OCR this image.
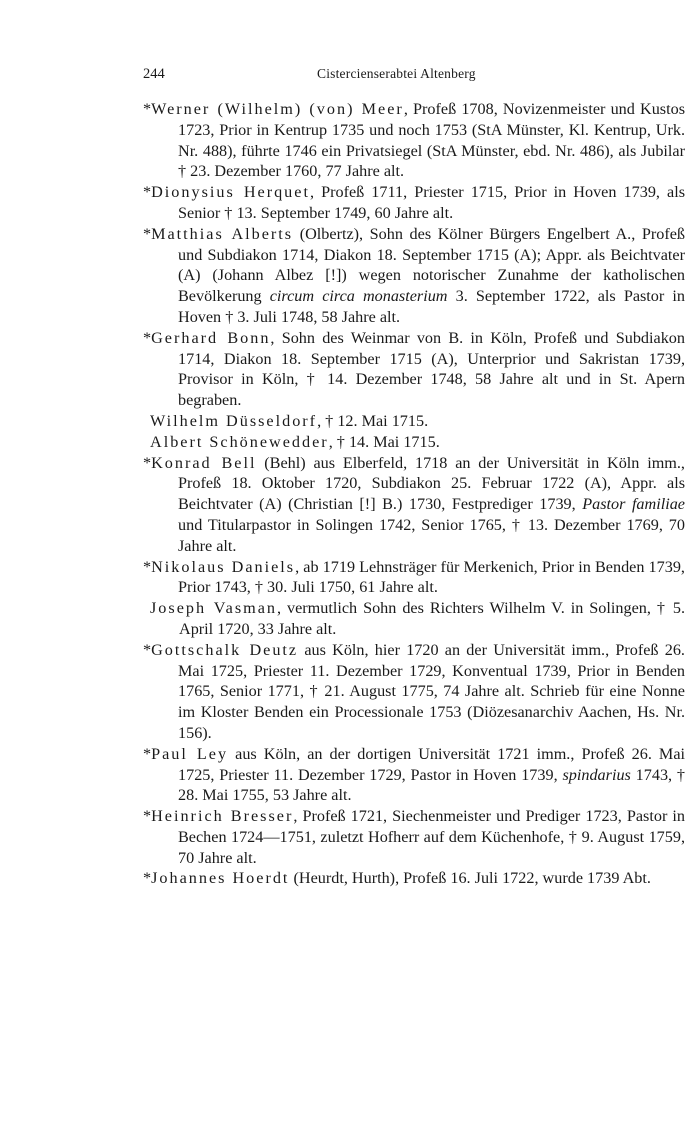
244	Cistercienserabtei Altenberg

*Werner (Wilhelm) (von) Meer, Profeß 1708, Novizenmeister und Kustos 1723, Prior in Kentrup 1735 und noch 1753 (StA Münster, Kl. Kentrup, Urk. Nr. 488), führte 1746 ein Privatsiegel (StA Münster, ebd. Nr. 486), als Jubilar † 23. Dezember 1760, 77 Jahre alt.

*Dionysius Herquet, Profeß 1711, Priester 1715, Prior in Hoven 1739, als Senior † 13. September 1749, 60 Jahre alt.

*Matthias Alberts (Olbertz), Sohn des Kölner Bürgers Engelbert A., Profeß und Subdiakon 1714, Diakon 18. September 1715 (A); Appr. als Beichtvater (A) (Johann Albez [!]) wegen notorischer Zunahme der katholischen Bevölkerung circum circa monasterium 3. September 1722, als Pastor in Hoven † 3. Juli 1748, 58 Jahre alt.

*Gerhard Bonn, Sohn des Weinmar von B. in Köln, Profeß und Subdiakon 1714, Diakon 18. September 1715 (A), Unterprior und Sakristan 1739, Provisor in Köln, † 14. Dezember 1748, 58 Jahre alt und in St. Apern begraben.

Wilhelm Düsseldorf, † 12. Mai 1715.

Albert Schönewedder, † 14. Mai 1715.

*Konrad Bell (Behl) aus Elberfeld, 1718 an der Universität in Köln imm., Profeß 18. Oktober 1720, Subdiakon 25. Februar 1722 (A), Appr. als Beichtvater (A) (Christian [!] B.) 1730, Festprediger 1739, Pastor familiae und Titularpastor in Solingen 1742, Senior 1765, † 13. Dezember 1769, 70 Jahre alt.

*Nikolaus Daniels, ab 1719 Lehnsträger für Merkenich, Prior in Benden 1739, Prior 1743, † 30. Juli 1750, 61 Jahre alt.

Joseph Vasman, vermutlich Sohn des Richters Wilhelm V. in Solingen, † 5. April 1720, 33 Jahre alt.

*Gottschalk Deutz aus Köln, hier 1720 an der Universität imm., Profeß 26. Mai 1725, Priester 11. Dezember 1729, Konventual 1739, Prior in Benden 1765, Senior 1771, † 21. August 1775, 74 Jahre alt. Schrieb für eine Nonne im Kloster Benden ein Processionale 1753 (Diözesanarchiv Aachen, Hs. Nr. 156).

*Paul Ley aus Köln, an der dortigen Universität 1721 imm., Profeß 26. Mai 1725, Priester 11. Dezember 1729, Pastor in Hoven 1739, spindarius 1743, † 28. Mai 1755, 53 Jahre alt.

*Heinrich Bresser, Profeß 1721, Siechenmeister und Prediger 1723, Pastor in Bechen 1724—1751, zuletzt Hofherr auf dem Küchenhofe, † 9. August 1759, 70 Jahre alt.

*Johannes Hoerdt (Heurdt, Hurth), Profeß 16. Juli 1722, wurde 1739 Abt.
